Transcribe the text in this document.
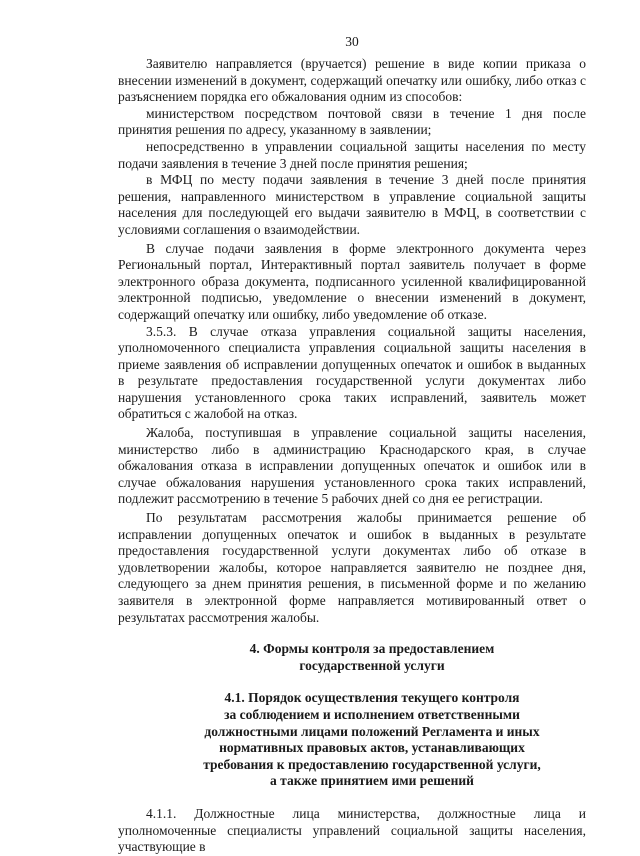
30

Заявителю направляется (вручается) решение в виде копии приказа о внесении изменений в документ, содержащий опечатку или ошибку, либо отказ с разъяснением порядка его обжалования одним из способов:

министерством посредством почтовой связи в течение 1 дня после принятия решения по адресу, указанному в заявлении;

непосредственно в управлении социальной защиты населения по месту подачи заявления в течение 3 дней после принятия решения;

в МФЦ по месту подачи заявления в течение 3 дней после принятия решения, направленного министерством в управление социальной защиты населения для последующей его выдачи заявителю в МФЦ, в соответствии с условиями соглашения о взаимодействии.

В случае подачи заявления в форме электронного документа через Региональный портал, Интерактивный портал заявитель получает в форме электронного образа документа, подписанного усиленной квалифицированной электронной подписью, уведомление о внесении изменений в документ, содержащий опечатку или ошибку, либо уведомление об отказе.

3.5.3. В случае отказа управления социальной защиты населения, уполномоченного специалиста управления социальной защиты населения в приеме заявления об исправлении допущенных опечаток и ошибок в выданных в результате предоставления государственной услуги документах либо нарушения установленного срока таких исправлений, заявитель может обратиться с жалобой на отказ.

Жалоба, поступившая в управление социальной защиты населения, министерство либо в администрацию Краснодарского края, в случае обжалования отказа в исправлении допущенных опечаток и ошибок или в случае обжалования нарушения установленного срока таких исправлений, подлежит рассмотрению в течение 5 рабочих дней со дня ее регистрации.

По результатам рассмотрения жалобы принимается решение об исправлении допущенных опечаток и ошибок в выданных в результате предоставления государственной услуги документах либо об отказе в удовлетворении жалобы, которое направляется заявителю не позднее дня, следующего за днем принятия решения, в письменной форме и по желанию заявителя в электронной форме направляется мотивированный ответ о результатах рассмотрения жалобы.

4. Формы контроля за предоставлением
государственной услуги

4.1. Порядок осуществления текущего контроля
за соблюдением и исполнением ответственными
должностными лицами положений Регламента и иных
нормативных правовых актов, устанавливающих
требования к предоставлению государственной услуги,
а также принятием ими решений

4.1.1. Должностные лица министерства, должностные лица и уполномоченные специалисты управлений социальной защиты населения, участвующие в
